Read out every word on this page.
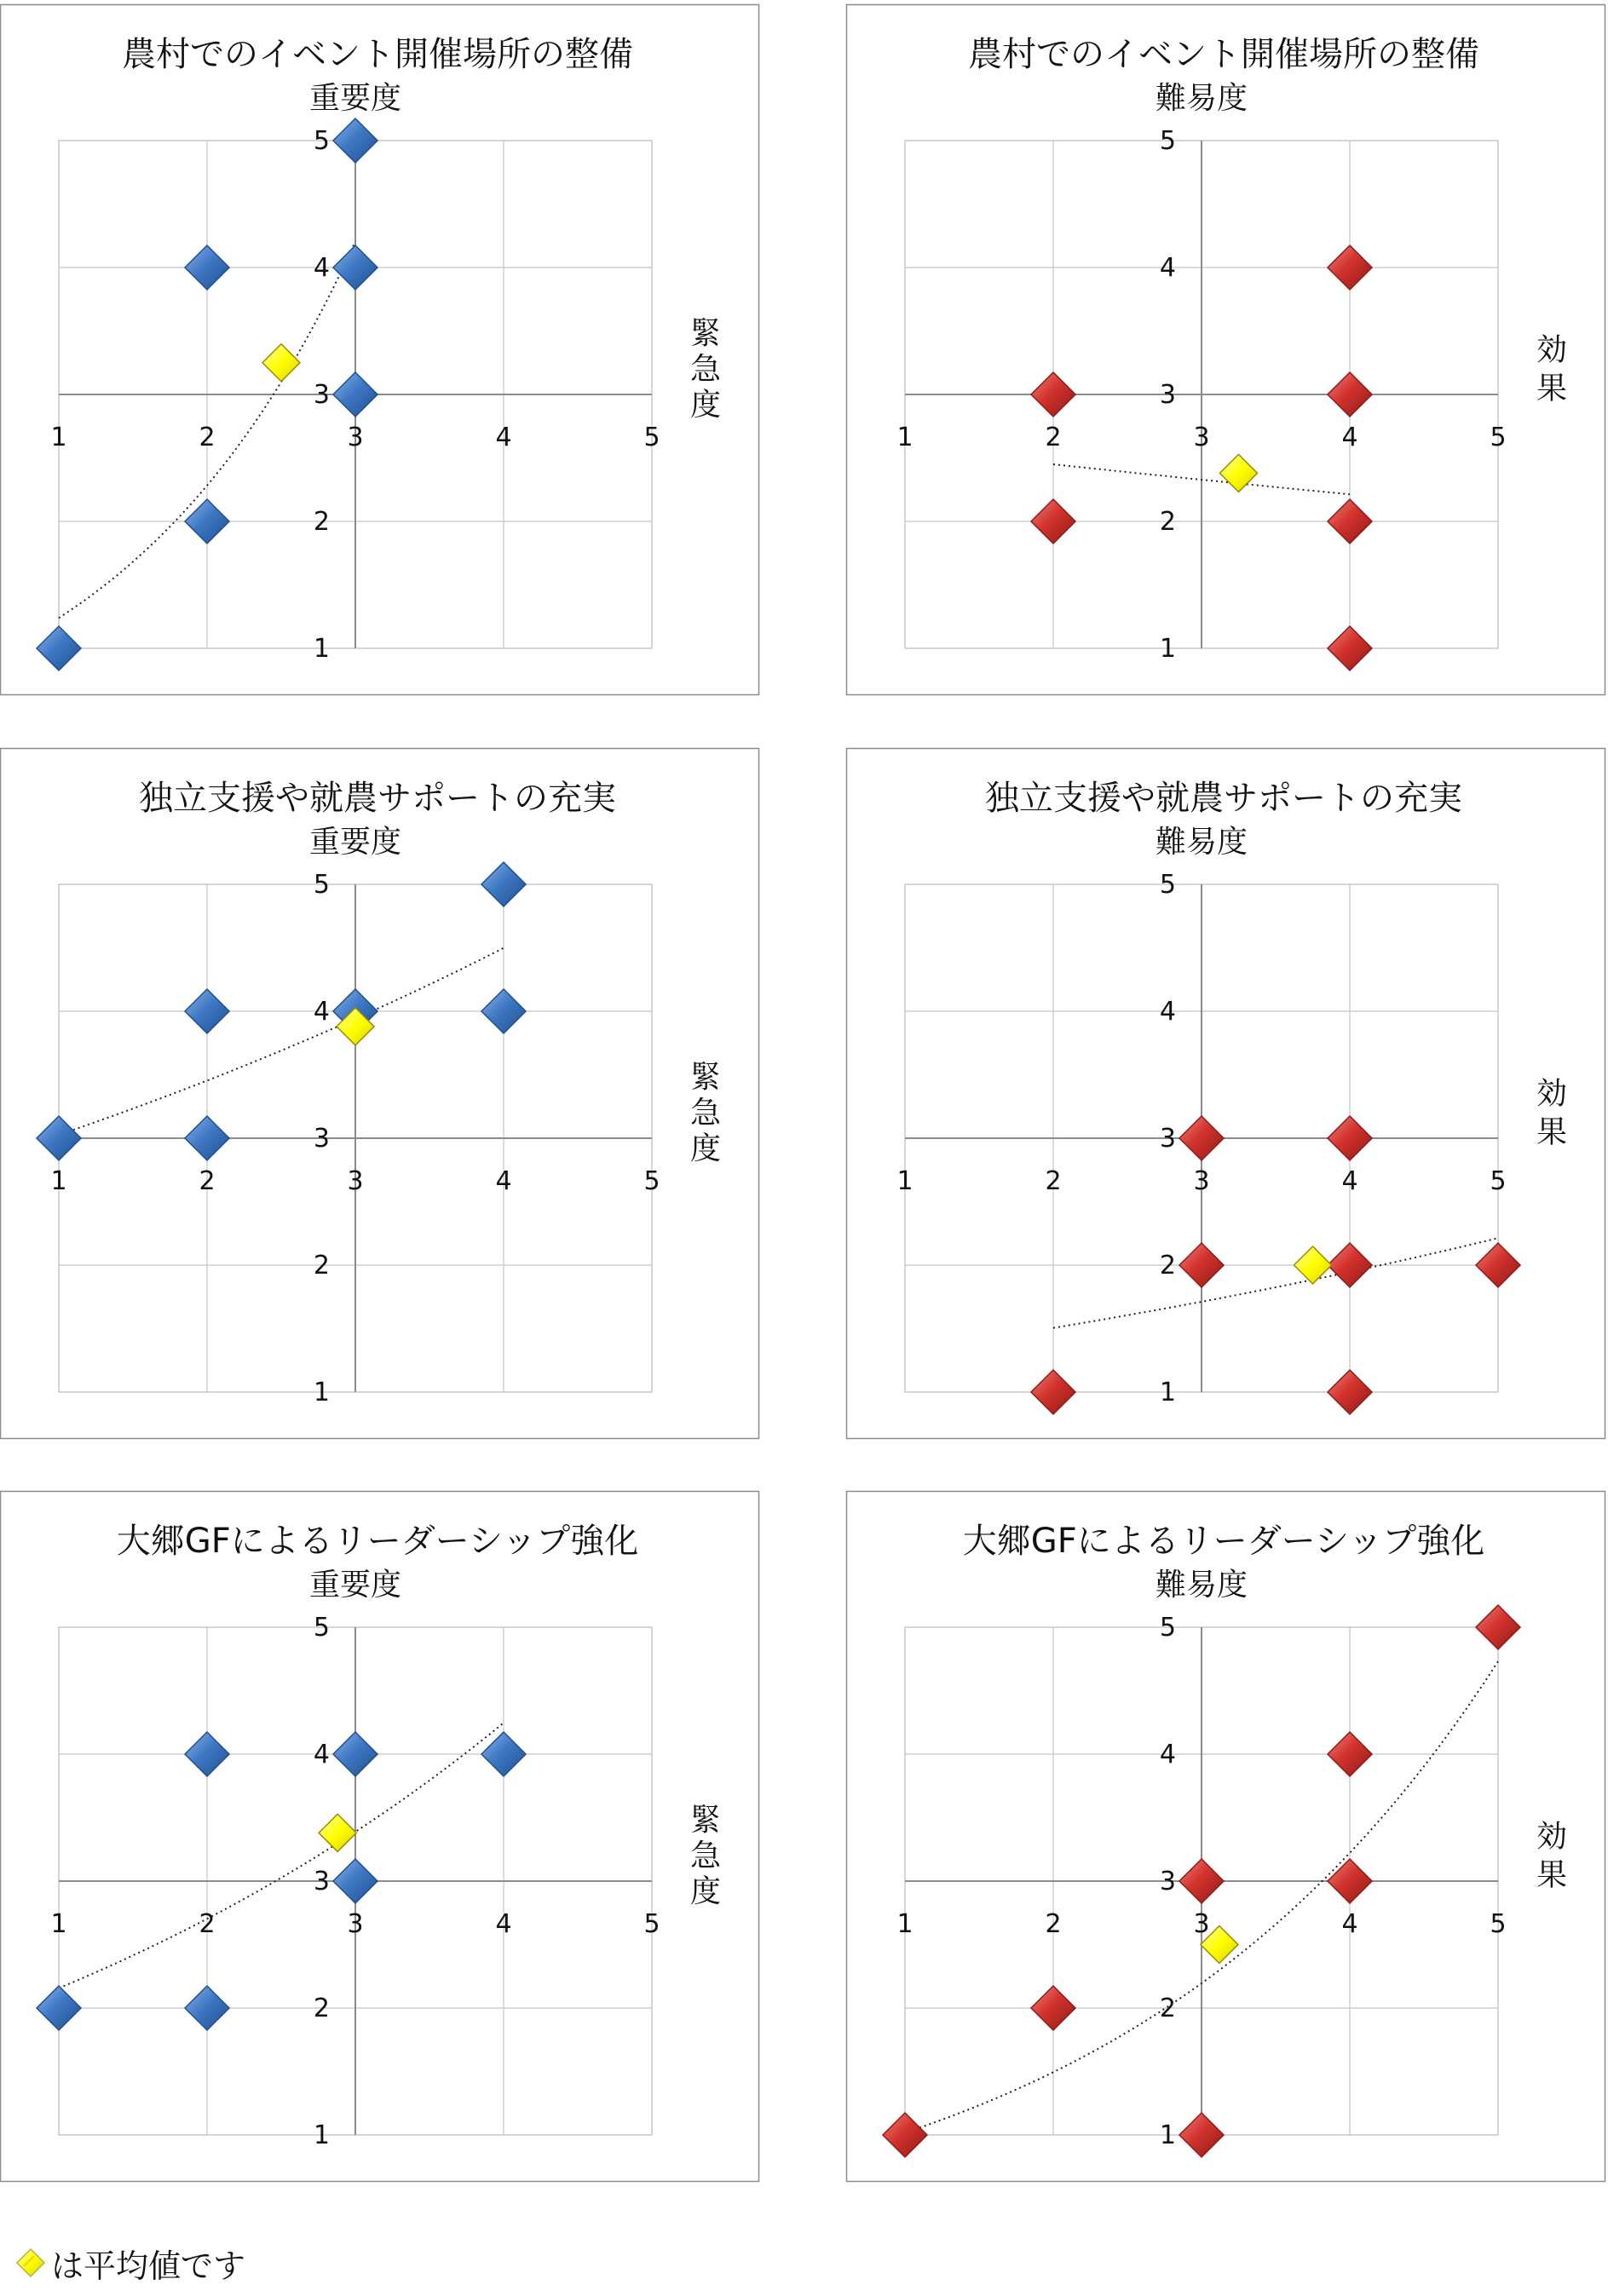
農村でのイベント開催場所の整備
重要度
緊急度
1	2	3	4	5
1
2
3
4
5
農村でのイベント開催場所の整備
難易度
効果
1	2	3	4	5
1
2
3
4
5
独立支援や就農サポートの充実
重要度
緊急度
1	2	3	4	5
1
2
3
4
5
独立支援や就農サポートの充実
難易度
効果
1	2	3	4	5
1
2
3
4
5
大郷GFによるリーダーシップ強化
重要度
緊急度
1	2	3	4	5
1
2
3
4
5
大郷GFによるリーダーシップ強化
難易度
効果
1	2	3	4	5
1
2
3
4
5
は平均値です
